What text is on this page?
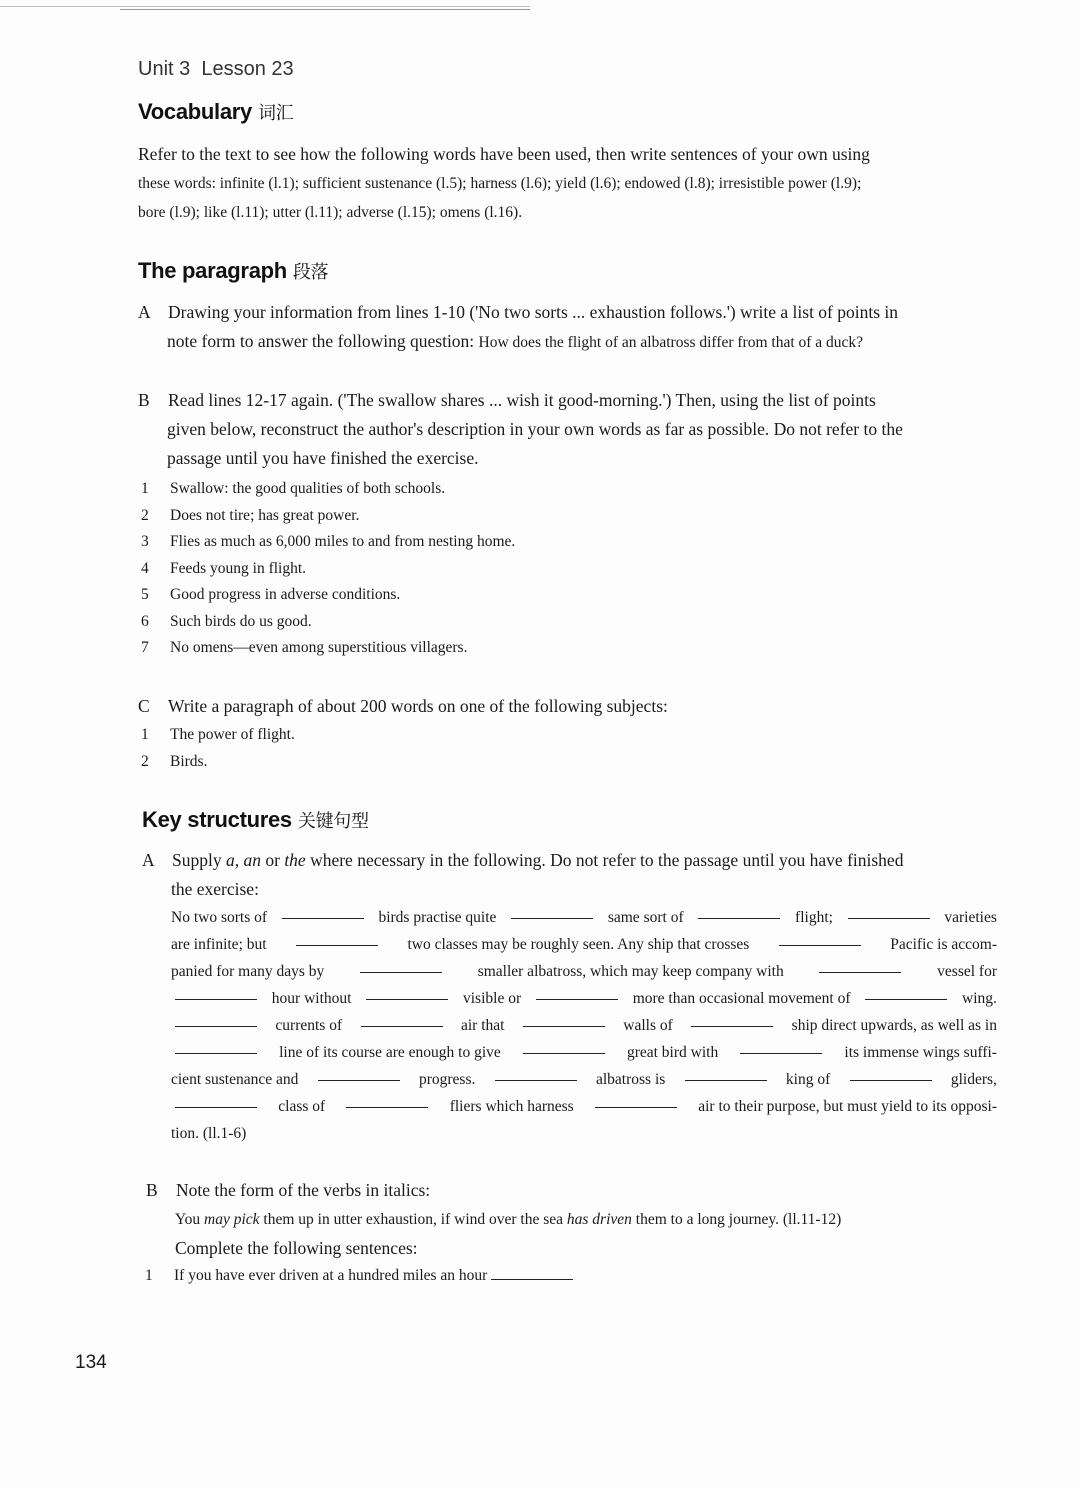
Unit 3 Lesson 23
Vocabulary 词汇
Refer to the text to see how the following words have been used, then write sentences of your own using
these words: infinite (l.1); sufficient sustenance (l.5); harness (l.6); yield (l.6); endowed (l.8); irresistible power (l.9);
bore (l.9); like (l.11); utter (l.11); adverse (l.15); omens (l.16).
The paragraph 段落
A Drawing your information from lines 1-10 ('No two sorts ... exhaustion follows.') write a list of points in
note form to answer the following question: How does the flight of an albatross differ from that of a duck?
B Read lines 12-17 again. ('The swallow shares ... wish it good-morning.') Then, using the list of points
given below, reconstruct the author's description in your own words as far as possible. Do not refer to the
passage until you have finished the exercise.
1 Swallow: the good qualities of both schools.
2 Does not tire; has great power.
3 Flies as much as 6,000 miles to and from nesting home.
4 Feeds young in flight.
5 Good progress in adverse conditions.
6 Such birds do us good.
7 No omens—even among superstitious villagers.
C Write a paragraph of about 200 words on one of the following subjects:
1 The power of flight.
2 Birds.
Key structures 关键句型
A Supply a, an or the where necessary in the following. Do not refer to the passage until you have finished
the exercise:
No two sorts of	birds practise quite	same sort of	flight;	varieties
are infinite; but	two classes may be roughly seen. Any ship that crosses	Pacific is accom-
panied for many days by	smaller albatross, which may keep company with	vessel for
hour without	visible or	more than occasional movement of	wing.
currents of	air that	walls of	ship direct upwards, as well as in
line of its course are enough to give	great bird with	its immense wings suffi-
cient sustenance and	progress.	albatross is	king of	gliders,
class of	fliers which harness	air to their purpose, but must yield to its opposi-
tion. (ll.1-6)
B Note the form of the verbs in italics:
You may pick them up in utter exhaustion, if wind over the sea has driven them to a long journey. (ll.11-12)
Complete the following sentences:
1 If you have ever driven at a hundred miles an hour
134
